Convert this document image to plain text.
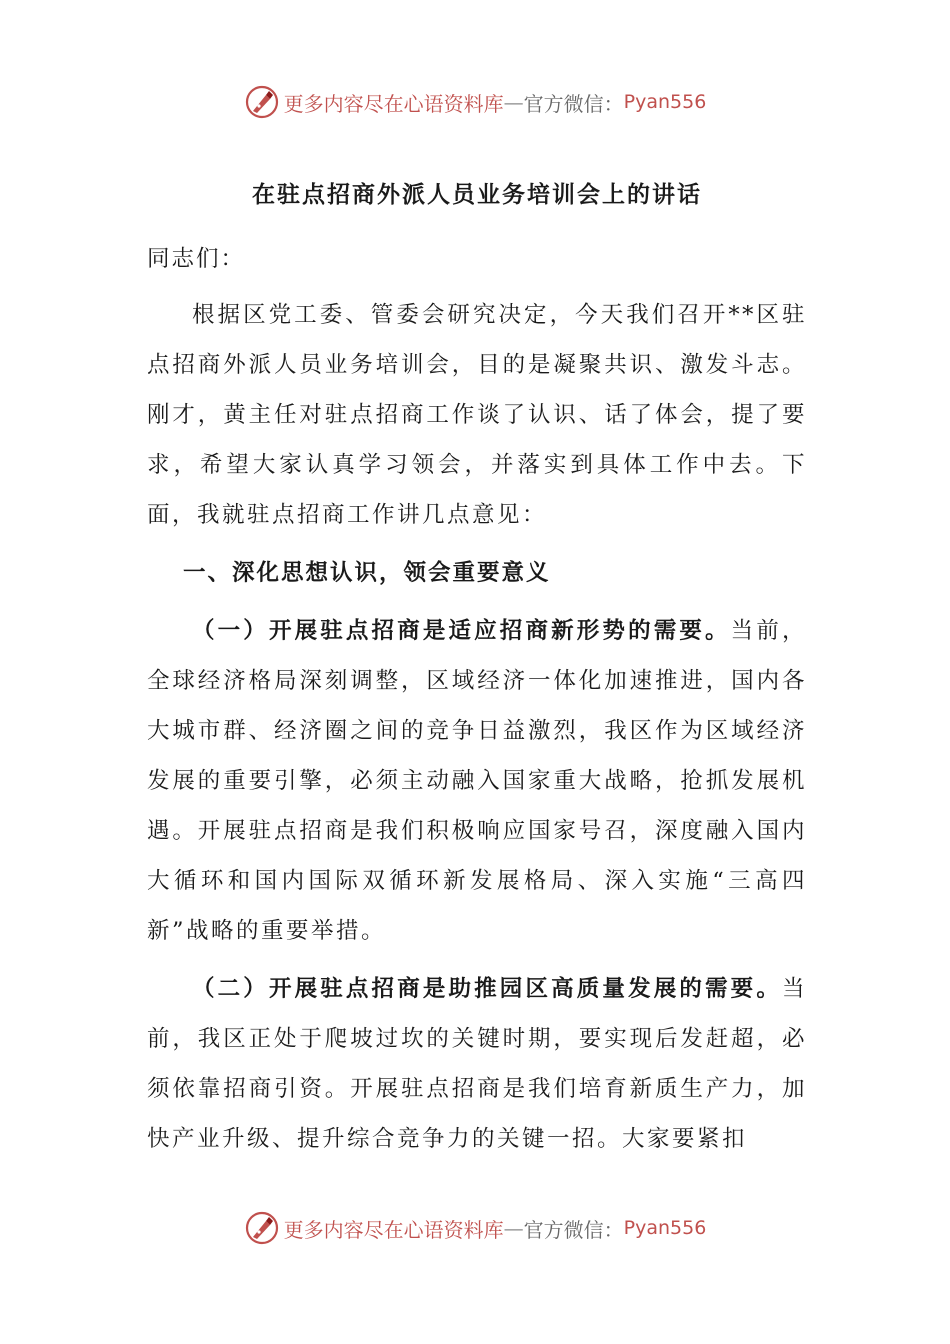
更多内容尽在心语资料库 — 官方微信： Pyan556
在驻点招商外派人员业务培训会上的讲话

同志们：

根据区党工委、管委会研究决定，今天我们召开**区驻点招商外派人员业务培训会，目的是凝聚共识、激发斗志。刚才，黄主任对驻点招商工作谈了认识、话了体会，提了要求，希望大家认真学习领会，并落实到具体工作中去。下面，我就驻点招商工作讲几点意见：

一、深化思想认识，领会重要意义

（一）开展驻点招商是适应招商新形势的需要。当前，全球经济格局深刻调整，区域经济一体化加速推进，国内各大城市群、经济圈之间的竞争日益激烈，我区作为区域经济发展的重要引擎，必须主动融入国家重大战略，抢抓发展机遇。开展驻点招商是我们积极响应国家号召，深度融入国内大循环和国内国际双循环新发展格局、深入实施“三高四新”战略的重要举措。

（二）开展驻点招商是助推园区高质量发展的需要。当前，我区正处于爬坡过坎的关键时期，要实现后发赶超，必须依靠招商引资。开展驻点招商是我们培育新质生产力，加快产业升级、提升综合竞争力的关键一招。大家要紧扣

更多内容尽在心语资料库 — 官方微信： Pyan556
